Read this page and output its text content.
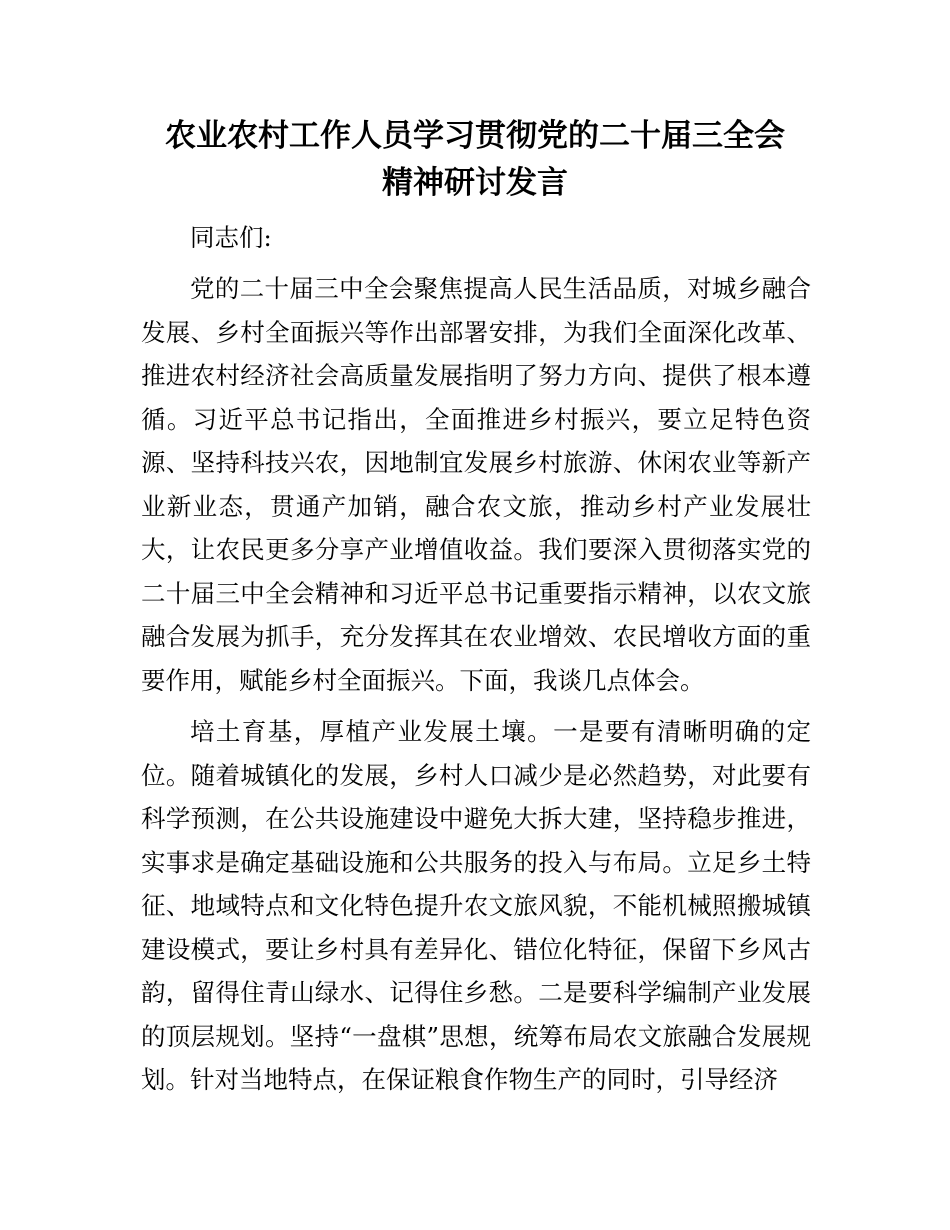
农业农村工作人员学习贯彻党的二十届三全会
精神研讨发言

同志们:

党的二十届三中全会聚焦提高人民生活品质，对城乡融合发展、乡村全面振兴等作出部署安排，为我们全面深化改革、推进农村经济社会高质量发展指明了努力方向、提供了根本遵循。习近平总书记指出，全面推进乡村振兴，要立足特色资源、坚持科技兴农，因地制宜发展乡村旅游、休闲农业等新产业新业态，贯通产加销，融合农文旅，推动乡村产业发展壮大，让农民更多分享产业增值收益。我们要深入贯彻落实党的二十届三中全会精神和习近平总书记重要指示精神，以农文旅融合发展为抓手，充分发挥其在农业增效、农民增收方面的重要作用，赋能乡村全面振兴。下面，我谈几点体会。

培土育基，厚植产业发展土壤。一是要有清晰明确的定位。随着城镇化的发展，乡村人口减少是必然趋势，对此要有科学预测，在公共设施建设中避免大拆大建，坚持稳步推进，实事求是确定基础设施和公共服务的投入与布局。立足乡土特征、地域特点和文化特色提升农文旅风貌，不能机械照搬城镇建设模式，要让乡村具有差异化、错位化特征，保留下乡风古韵，留得住青山绿水、记得住乡愁。二是要科学编制产业发展的顶层规划。坚持“一盘棋”思想，统筹布局农文旅融合发展规划。针对当地特点，在保证粮食作物生产的同时，引导经济
